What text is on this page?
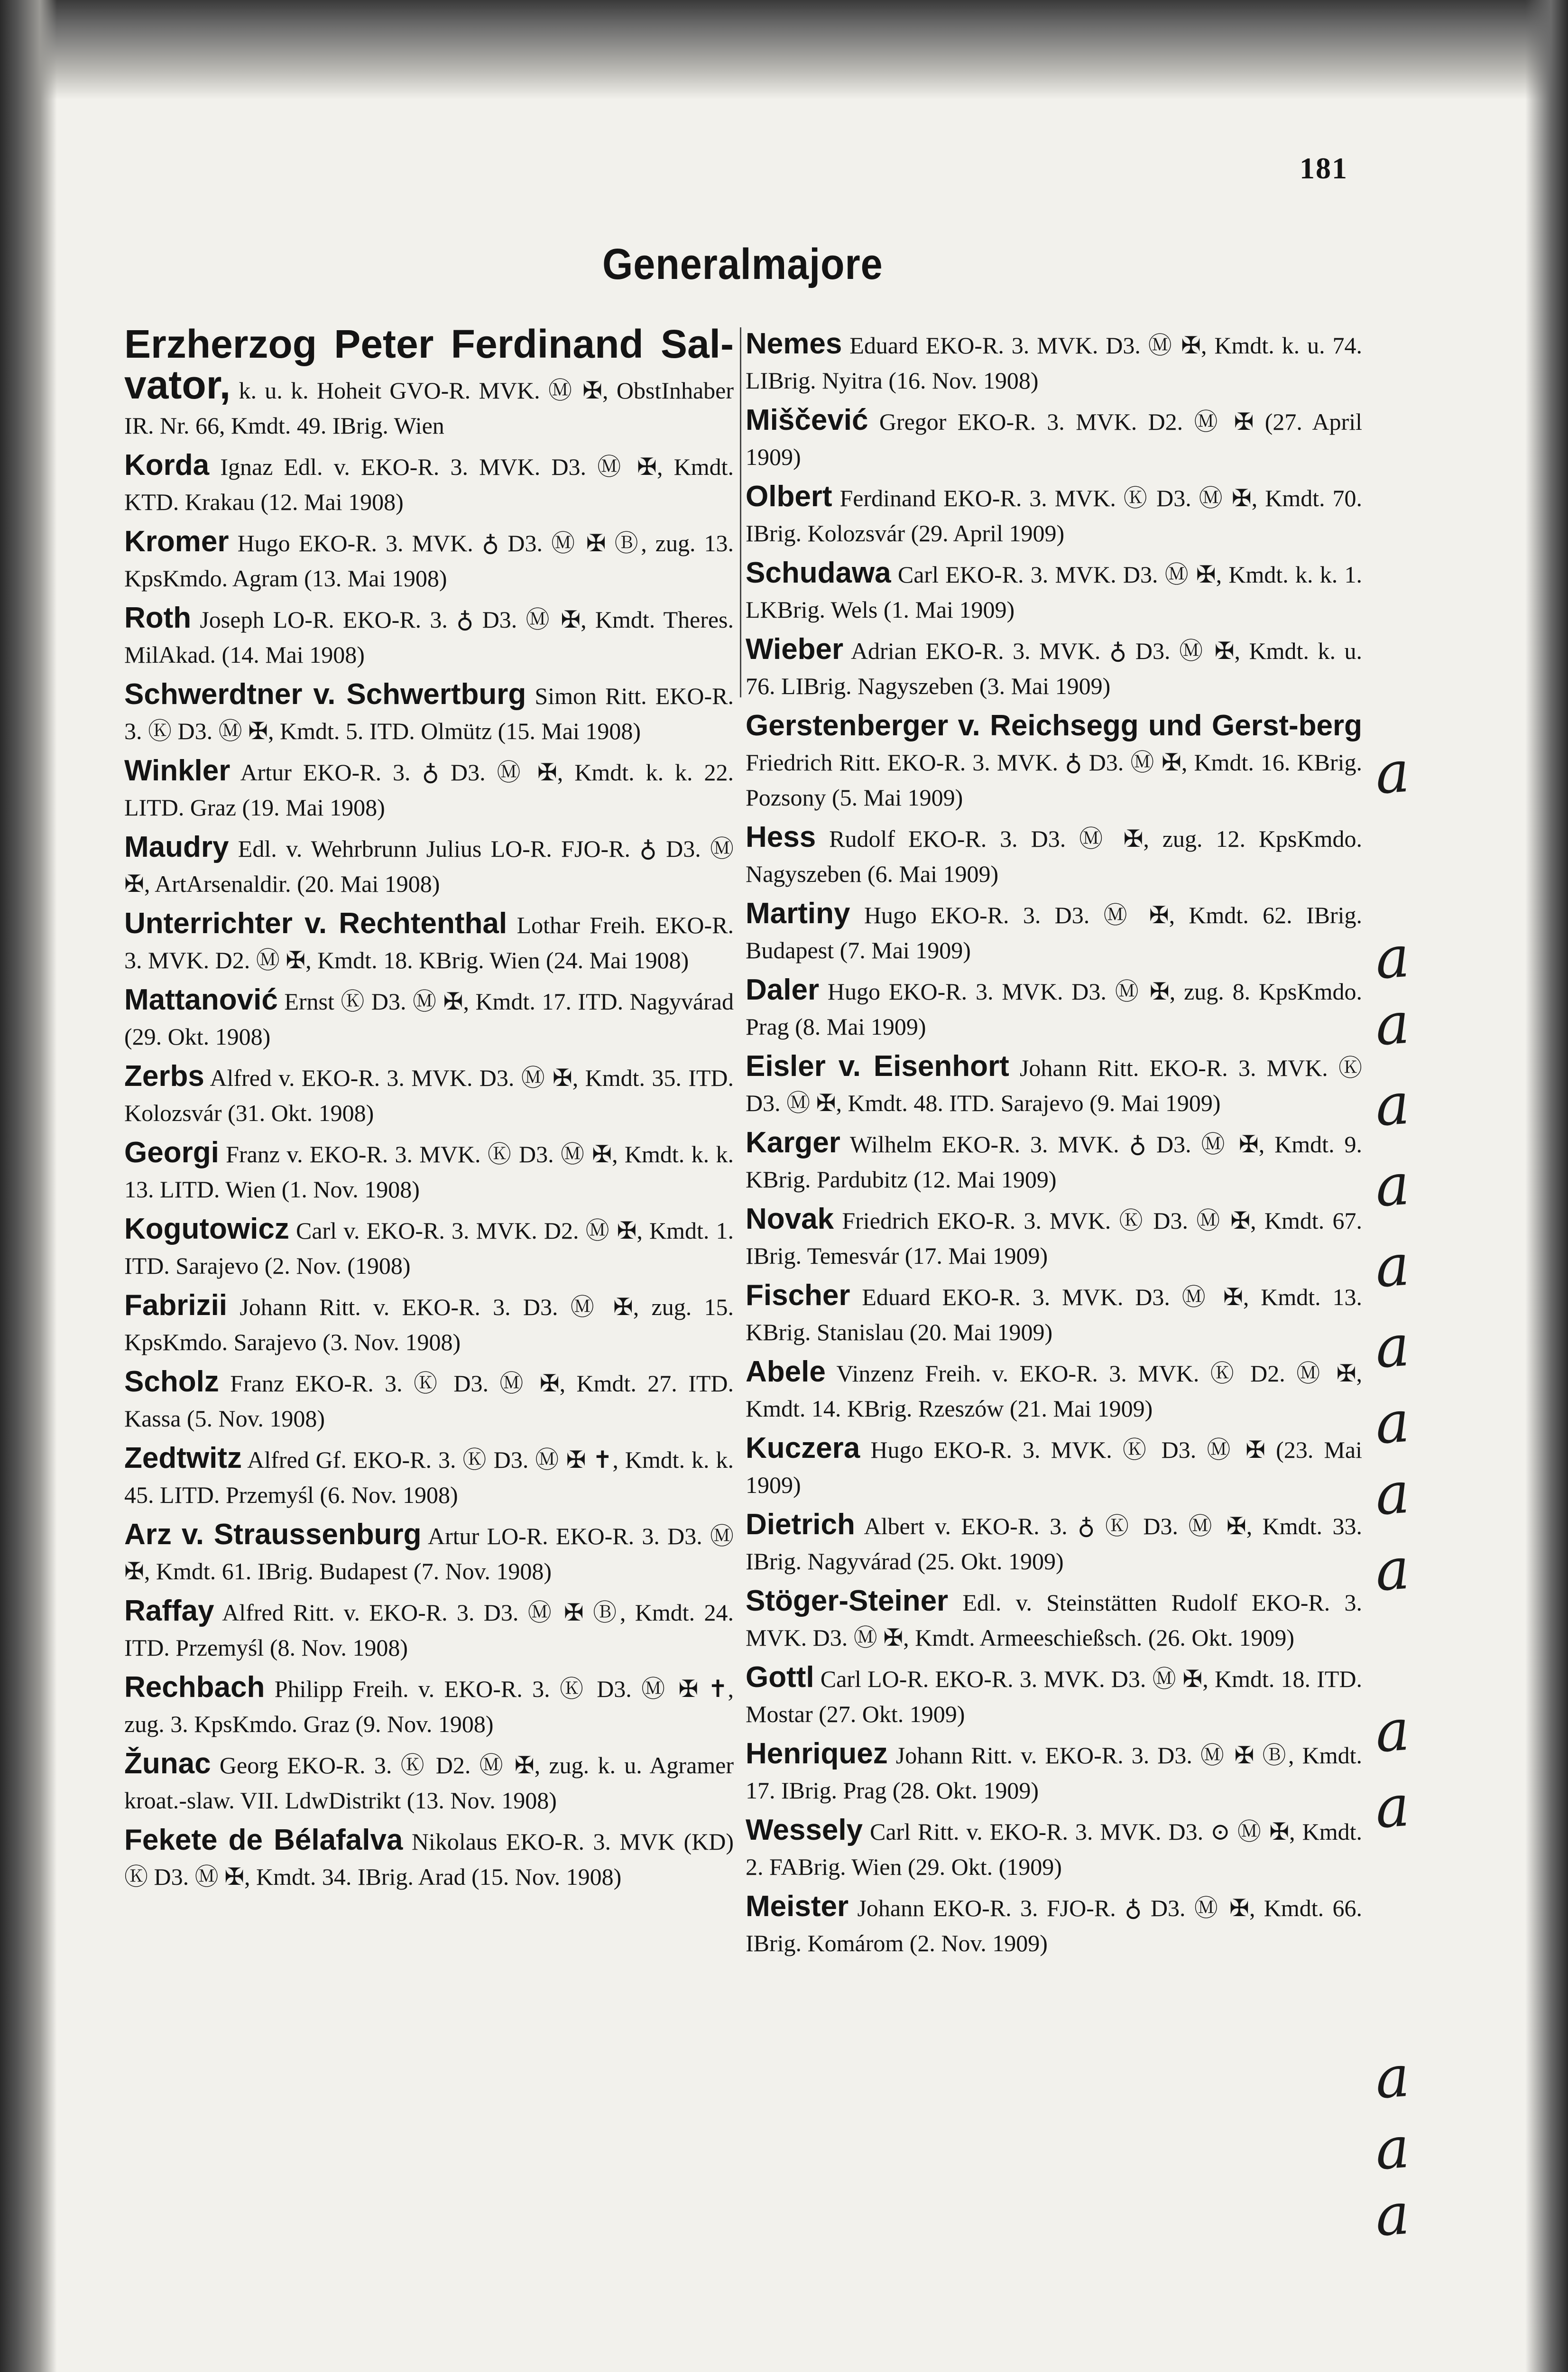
181
Generalmajore

Erzherzog Peter Ferdinand Sal-vator, k. u. k. Hoheit GVO-R. MVK. Ⓜ ✠, ObstInhaber IR. Nr. 66, Kmdt. 49. IBrig. Wien

Korda Ignaz Edl. v. EKO-R. 3. MVK. D3. Ⓜ ✠, Kmdt. KTD. Krakau (12. Mai 1908)

Kromer Hugo EKO-R. 3. MVK. ♁ D3. Ⓜ ✠ Ⓑ, zug. 13. KpsKmdo. Agram (13. Mai 1908)

Roth Joseph LO-R. EKO-R. 3. ♁ D3. Ⓜ ✠, Kmdt. Theres. MilAkad. (14. Mai 1908)

Schwerdtner v. Schwertburg Simon Ritt. EKO-R. 3. Ⓚ D3. Ⓜ ✠, Kmdt. 5. ITD. Olmütz (15. Mai 1908)

Winkler Artur EKO-R. 3. ♁ D3. Ⓜ ✠, Kmdt. k. k. 22. LITD. Graz (19. Mai 1908)

Maudry Edl. v. Wehrbrunn Julius LO-R. FJO-R. ♁ D3. Ⓜ ✠, ArtArsenaldir. (20. Mai 1908)

Unterrichter v. Rechtenthal Lothar Freih. EKO-R. 3. MVK. D2. Ⓜ ✠, Kmdt. 18. KBrig. Wien (24. Mai 1908)

Mattanović Ernst Ⓚ D3. Ⓜ ✠, Kmdt. 17. ITD. Nagyvárad (29. Okt. 1908)

Zerbs Alfred v. EKO-R. 3. MVK. D3. Ⓜ ✠, Kmdt. 35. ITD. Kolozsvár (31. Okt. 1908)

Georgi Franz v. EKO-R. 3. MVK. Ⓚ D3. Ⓜ ✠, Kmdt. k. k. 13. LITD. Wien (1. Nov. 1908)

Kogutowicz Carl v. EKO-R. 3. MVK. D2. Ⓜ ✠, Kmdt. 1. ITD. Sarajevo (2. Nov. (1908)

Fabrizii Johann Ritt. v. EKO-R. 3. D3. Ⓜ ✠, zug. 15. KpsKmdo. Sarajevo (3. Nov. 1908)

Scholz Franz EKO-R. 3. Ⓚ D3. Ⓜ ✠, Kmdt. 27. ITD. Kassa (5. Nov. 1908)

Zedtwitz Alfred Gf. EKO-R. 3. Ⓚ D3. Ⓜ ✠ ✝, Kmdt. k. k. 45. LITD. Przemyśl (6. Nov. 1908)

Arz v. Straussenburg Artur LO-R. EKO-R. 3. D3. Ⓜ ✠, Kmdt. 61. IBrig. Budapest (7. Nov. 1908)

Raffay Alfred Ritt. v. EKO-R. 3. D3. Ⓜ ✠ Ⓑ, Kmdt. 24. ITD. Przemyśl (8. Nov. 1908)

Rechbach Philipp Freih. v. EKO-R. 3. Ⓚ D3. Ⓜ ✠ ✝, zug. 3. KpsKmdo. Graz (9. Nov. 1908)

Žunac Georg EKO-R. 3. Ⓚ D2. Ⓜ ✠, zug. k. u. Agramer kroat.-slaw. VII. LdwDistrikt (13. Nov. 1908)

Fekete de Bélafalva Nikolaus EKO-R. 3. MVK (KD) Ⓚ D3. Ⓜ ✠, Kmdt. 34. IBrig. Arad (15. Nov. 1908)

Nemes Eduard EKO-R. 3. MVK. D3. Ⓜ ✠, Kmdt. k. u. 74. LIBrig. Nyitra (16. Nov. 1908)

Miščević Gregor EKO-R. 3. MVK. D2. Ⓜ ✠ (27. April 1909)

Olbert Ferdinand EKO-R. 3. MVK. Ⓚ D3. Ⓜ ✠, Kmdt. 70. IBrig. Kolozsvár (29. April 1909)

Schudawa Carl EKO-R. 3. MVK. D3. Ⓜ ✠, Kmdt. k. k. 1. LKBrig. Wels (1. Mai 1909)

Wieber Adrian EKO-R. 3. MVK. ♁ D3. Ⓜ ✠, Kmdt. k. u. 76. LIBrig. Nagyszeben (3. Mai 1909)

Gerstenberger v. Reichsegg und Gerst-berg Friedrich Ritt. EKO-R. 3. MVK. ♁ D3. Ⓜ ✠, Kmdt. 16. KBrig. Pozsony (5. Mai 1909)

Hess Rudolf EKO-R. 3. D3. Ⓜ ✠, zug. 12. KpsKmdo. Nagyszeben (6. Mai 1909)

Martiny Hugo EKO-R. 3. D3. Ⓜ ✠, Kmdt. 62. IBrig. Budapest (7. Mai 1909)

Daler Hugo EKO-R. 3. MVK. D3. Ⓜ ✠, zug. 8. KpsKmdo. Prag (8. Mai 1909)

Eisler v. Eisenhort Johann Ritt. EKO-R. 3. MVK. Ⓚ D3. Ⓜ ✠, Kmdt. 48. ITD. Sarajevo (9. Mai 1909)

Karger Wilhelm EKO-R. 3. MVK. ♁ D3. Ⓜ ✠, Kmdt. 9. KBrig. Pardubitz (12. Mai 1909)

Novak Friedrich EKO-R. 3. MVK. Ⓚ D3. Ⓜ ✠, Kmdt. 67. IBrig. Temesvár (17. Mai 1909)

Fischer Eduard EKO-R. 3. MVK. D3. Ⓜ ✠, Kmdt. 13. KBrig. Stanislau (20. Mai 1909)

Abele Vinzenz Freih. v. EKO-R. 3. MVK. Ⓚ D2. Ⓜ ✠, Kmdt. 14. KBrig. Rzeszów (21. Mai 1909)

Kuczera Hugo EKO-R. 3. MVK. Ⓚ D3. Ⓜ ✠ (23. Mai 1909)

Dietrich Albert v. EKO-R. 3. ♁ Ⓚ D3. Ⓜ ✠, Kmdt. 33. IBrig. Nagyvárad (25. Okt. 1909)

Stöger-Steiner Edl. v. Steinstätten Rudolf EKO-R. 3. MVK. D3. Ⓜ ✠, Kmdt. Armeeschießsch. (26. Okt. 1909)

Gottl Carl LO-R. EKO-R. 3. MVK. D3. Ⓜ ✠, Kmdt. 18. ITD. Mostar (27. Okt. 1909)

Henriquez Johann Ritt. v. EKO-R. 3. D3. Ⓜ ✠ Ⓑ, Kmdt. 17. IBrig. Prag (28. Okt. 1909)

Wessely Carl Ritt. v. EKO-R. 3. MVK. D3. ⊙ Ⓜ ✠, Kmdt. 2. FABrig. Wien (29. Okt. (1909)

Meister Johann EKO-R. 3. FJO-R. ♁ D3. Ⓜ ✠, Kmdt. 66. IBrig. Komárom (2. Nov. 1909)

a
a
a
a
a
a
a
a
a
a
a
a
a
a
a
